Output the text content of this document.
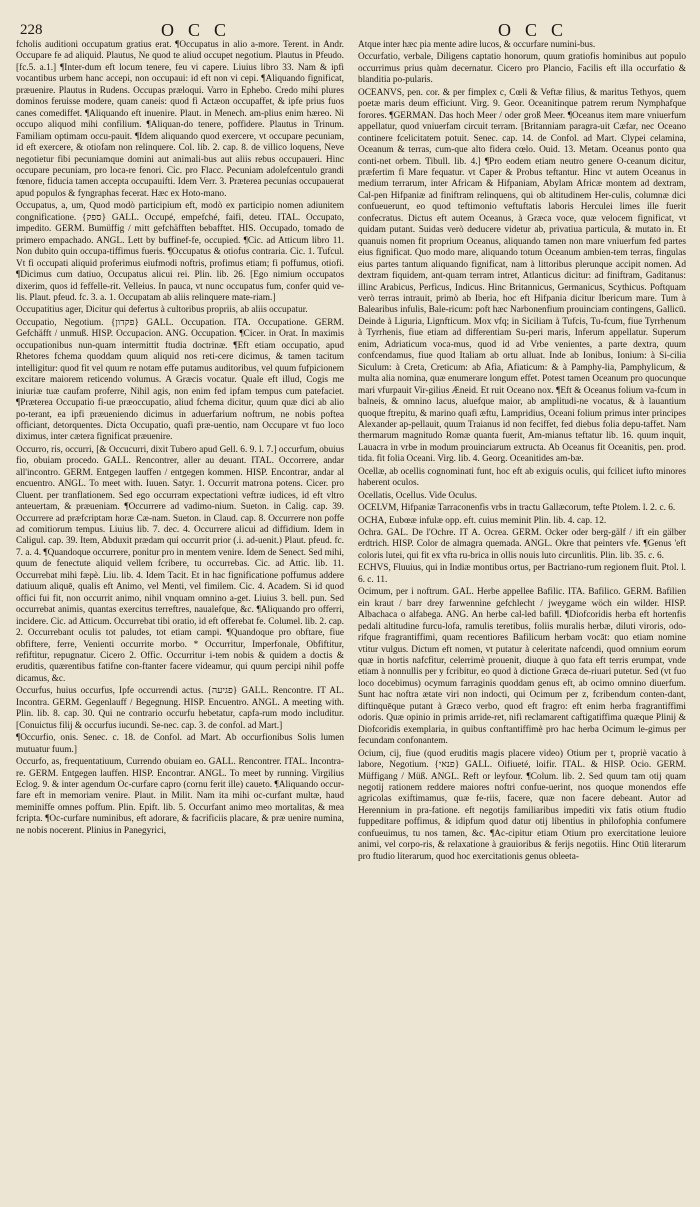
228	OCC	OCC

fcholis auditioni occupatum gratius erat. ¶Occupatus in alio a-more. Terent. in Andr. Occupare fe ad aliquid. Plautus, Ne quod te aliud occupet negotium. Plautus in Pfeudo. [fc.5. a.1.] ¶Inter-dum eft locum tenere, feu vi capere. Liuius libro 33. Nam & ipfi vocantibus urbem hanc accepi, non occupaui: id eft non vi cepi. ¶Aliquando fignificat, præuenire. Plautus in Rudens. Occupas præloqui. Varro in Ephebo. Credo mihi plures dominos feruisse modere, quam caneis: quod fi Actæon occupaffet, & ipfe prius fuos canes comediffet. ¶Aliquando eft inuenire. Plaut. in Menech. am-plius enim hæreo. Ni occupo aliquod mihi confilium. ¶Aliquan-do tenere, poffidere. Plautus in Trinum. Familiam optimam occu-pauit. ¶Idem aliquando quod exercere, vt occupare pecuniam, id eft exercere, & otiofam non relinquere. Col. lib. 2. cap. 8. de villico loquens, Neve negotietur fibi pecuniamque domini aut animali-bus aut aliis rebus occupaueri. Hinc occupare pecuniam, pro loca-re fenori. Cic. pro Flacc. Pecuniam adolefcentulo grandi fœnore, fiducia tamen accepta occupauifti. Idem Verr. 3. Præterea pecunias occupauerat apud populos & fyngraphas fecerat. Hæc ex Hoto-mano.

Occupatus, a, um, Quod modò participium eft, modò ex participio nomen adiunitem congnificatione. {ספק} GALL. Occupé, empefché, faifi, deteu. ITAL. Occupato, impedito. GERM. Bumüffig / mitt gefchäfften bebafftet. HIS. Occupado, tomado de primero empachado. ANGL. Lett by buffinef-fe, occupied. ¶Cic. ad Atticum libro 11. Non dubito quin occupa-tiffimus fueris. ¶Occupatus & otiofus contraria. Cic. 1. Tufcul. Vt fi occupati aliquid proferimus eiufmodi noftris, profimus etiam; fi poffumus, otiofi. ¶Dicimus cum datiuo, Occupatus alicui rei. Plin. lib. 26. [Ego nimium occupatos dixerim, quos id feffelle-rit. Velleius. In pauca, vt nunc occupatus fum, confer quid ve-lis. Plaut. pfeud. fc. 3. a. 1. Occupatam ab aliis relinquere mate-riam.]

Occupatitius ager, Dicitur qui defertus à cultoribus propriis, ab aliis occupatur.

Occupatio, Negotium. {פקדון} GALL. Occupation. ITA. Occupatione. GERM. Gefchäfft / unmuß. HISP. Occupacion. ANG. Occupation. ¶Cicer. in Orat. In maximis occupationibus nun-quam intermittit ftudia doctrinæ. ¶Eft etiam occupatio, apud Rhetores fchema quoddam quum aliquid nos reti-cere dicimus, & tamen tacitum intelligitur: quod fit vel quum re notam effe putamus auditoribus, vel quum fufpicionem excitare maiorem reticendo volumus. A Græcis vocatur. Quale eft illud, Cogis me iniuriæ tuæ caufam proferre, Nihil agis, non enim fed ipfam tempus cum patefaciet. ¶Præterea Occupatio fi-ue præoccupatio, aliud fchema dicitur, quum quæ dici ab alio po-terant, ea ipfi præueniendo dicimus in aduerfarium noftrum, ne nobis poftea officiant, detorquentes. Dicta Occupatio, quafi præ-uentio, nam Occupare vt fuo loco diximus, inter cætera fignificat præuenire.

Occurro, ris, occurri, [& Occucurri, dixit Tubero apud Gell. 6. 9. l. 7.] occurfum, obuius fio, obuiam procedo. GALL. Rencontrer, aller au deuant. ITAL. Occorrere, andar all'incontro. GERM. Entgegen lauffen / entgegen kommen. HISP. Encontrar, andar al encuentro. ANGL. To meet with. Iuuen. Satyr. 1. Occurrit matrona potens. Cicer. pro Cluent. per tranflationem. Sed ego occurram expectationi veftræ iudices, id eft vltro anteuertam, & præueniam. ¶Occurrere ad vadimo-nium. Sueton. in Calig. cap. 39. Occurrere ad præfcriptam horæ Cæ-nam. Sueton. in Claud. cap. 8. Occurrere non poffe ad comitiorum tempus. Liuius lib. 7. dec. 4. Occurrere alicui ad diffidium. Idem in Caligul. cap. 39. Item, Abduxit prædam qui occurrit prior (.i. ad-uenit.) Plaut. pfeud. fc. 7. a. 4. ¶Quandoque occurrere, ponitur pro in mentem venire. Idem de Senect. Sed mihi, quum de fenectute aliquid vellem fcribere, tu occurrebas. Cic. ad Attic. lib. 11. Occurrebat mihi fæpè. Liu. lib. 4. Idem Tacit. Et in hac fignificatione poffumus addere datiuum aliquē, qualis eft Animo, vel Menti, vel fimilem. Cic. 4. Academ. Si id quod offici fui fit, non occurrit animo, nihil vnquam omnino a-get. Liuius 3. bell. pun. Sed occurrebat animis, quantas exercitus terreftres, naualefque, &c. ¶Aliquando pro offerri, incidere. Cic. ad Atticum. Occurrebat tibi oratio, id eft offerebat fe. Columel. lib. 2. cap. 2. Occurrebant oculis tot paludes, tot etiam campi. ¶Quandoque pro obftare, fiue obfiftere, ferre, Venienti occurrite morbo. * Occurritur, Imperfonale, Obfiftitur, refiftitur, repugnatur. Cicero 2. Offic. Occurritur i-tem nobis & quidem a doctis & eruditis, quærentibus fatifne con-ftanter facere videamur, qui quum percipi nihil poffe dicamus, &c.

Occurfus, huius occurfus, Ipfe occurrendi actus. {פגיעה} GALL. Rencontre. IT AL. Incontra. GERM. Gegenlauff / Begegnung. HISP. Encuentro. ANGL. A meeting with. Plin. lib. 8. cap. 30. Qui ne contrario occurfu hebetatur, capfa-rum modo includitur. [Conuictus filij & occurfus iucundi. Se-nec. cap. 3. de confol. ad Mart.]

¶Occurfio, onis. Senec. c. 18. de Confol. ad Mart. Ab occurfionibus Solis lumen mutuatur fuum.]

Occurfo, as, frequentatiuum, Currendo obuiam eo. GALL. Rencontrer. ITAL. Incontra-re. GERM. Entgegen lauffen. HISP. Encontrar. ANGL. To meet by running. Virgilius Eclog. 9. & inter agendum Oc-curfare capro (cornu ferit ille) caueto. ¶Aliquando occur-fare eft in memoriam venire. Plaut. in Milit. Nam ita mihi oc-curfant multæ, haud meminiffe omnes poffum. Plin. Epift. lib. 5. Occurfant animo meo mortalitas, & mea fcripta. ¶Oc-curfare numinibus, eft adorare, & facrificiis placare, & præ uenire numina, ne nobis nocerent. Plinius in Panegyrici,

Atque inter hæc pia mente adire lucos, & occurfare numini-bus.

Occurfatio, verbale, Diligens captatio honorum, quum gratiofis hominibus aut populo occurrimus prius quàm decernatur. Cicero pro Plancio, Facilis eft illa occurfatio & blanditia po-pularis.

OCEANVS, pen. cor. & per fimplex c, Cœli & Veftæ filius, & maritus Tethyos, quem poetæ maris deum efficiunt. Virg. 9. Geor. Oceanitinque patrem rerum Nymphafque forores. ¶GERMAN. Das hoch Meer / oder groß Meer. ¶Oceanus item mare vniuerfum appellatur, quod vniuerfam circuit terram. [Britanniam paragra-uit Cæfar, nec Oceano continere fcelicitatem potuit. Senec. cap. 14. de Confol. ad Mart. Clypei celamina, Oceanum & terras, cum-que alto fidera cœlo. Ouid. 13. Metam. Oceanus ponto qua conti-net orbem. Tibull. lib. 4.] ¶Pro eodem etiam neutro genere O-ceanum dicitur, præfertim fi Mare fequatur. vt Caper & Probus teftantur. Hinc vt autem Oceanus in medium terrarum, inter Africam & Hifpaniam, Abylam Africæ montem ad dextram, Cal-pen Hifpaniæ ad finiftram relinquens, qui ob altitudinem Her-culis, columnæ dici confueuerunt, eo quod teftimonio veftuftatis laboris Herculei limes ille fuerit confecratus. Dictus eft autem Oceanus, à Græca voce, quæ velocem fignificat, vt quidam putant. Suidas verò deducere videtur ab, privatiua particula, & mutato in. Et quanuis nomen fit proprium Oceanus, aliquando tamen non mare vniuerfum fed partes eius fignificat. Quo modo mare, aliquando totum Oceanum ambien-tem terras, fingulas eius partes tantum aliquando fignificat, nam à littoribus plerunque accipit nomen. Ad dextram fiquidem, ant-quam terram intret, Atlanticus dicitur: ad finiftram, Gaditanus: illinc Arabicus, Perficus, Indicus. Hinc Britannicus, Germanicus, Scythicus. Poftquam verò terras intrauit, primò ab Iberia, hoc eft Hifpania dicitur Ibericum mare. Tum à Balearibus infulis, Bale-ricum: poft hæc Narbonenfium prouinciam contingens, Gallicū. Deinde à Liguria, Lignfticum. Mox vfq; in Siciliam à Tufcis, Tu-fcum, fiue Tyrrhenum à Tyrrhenis, fiue etiam ad differentiam Su-peri maris, Inferum appellatur. Superum enim, Adriaticum voca-mus, quod id ad Vrbe venientes, a parte dextra, quum confcendamus, fiue quod Italiam ab ortu alluat. Inde ab Ionibus, Ionium: à Si-cilia Siculum: à Creta, Creticum: ab Afia, Afiaticum: & à Pamphy-lia, Pamphylicum, & multa alia nomina, quæ enumerare longum effet. Potest tamen Oceanum pro quocunque mari vfurpauit Vir-gilius Æneid. Et ruit Oceano nox. ¶Eft & Oceanus folium va-fcum in balneis, & omnino lacus, aluefque maior, ab amplitudi-ne vocatus, & à lauantium quoque ftrepitu, & marino quafi æftu, Lampridius, Oceani folium primus inter principes Alexander ap-pellauit, quum Traianus id non feciffet, fed diebus folia depu-taffet. Nam thermarum magnitudo Romæ quanta fuerit, Am-mianus teftatur lib. 16. quum inquit, Lauacra in vrbe in modum prouinciarum extructa. Ab Oceanus fit Oceanitis, pen. prod. tida. fit folia Oceani. Virg. lib. 4. Georg. Oceanitides am-bæ.

Ocellæ, ab ocellis cognominati funt, hoc eft ab exiguis oculis, qui fcilicet iufto minores haberent oculos.

Ocellatis, Ocellus. Vide Oculus.

OCELVM, Hifpaniæ Tarraconenfis vrbs in tractu Gallæcorum, tefte Ptolem. l. 2. c. 6.

OCHA, Eubœæ infulæ opp. eft. cuius meminit Plin. lib. 4. cap. 12.

Ochra. GAL. De l'Ochre. IT A. Ocrea. GERM. Ocker oder berg-gälf / ift ein gälber erdtrich. HISP. Color de almagra quemada. ANGL. Okre that peinters vfe. ¶Genus 'eft coloris lutei, qui fit ex vfta ru-brica in ollis nouis luto circunlitis. Plin. lib. 35. c. 6.

ECHVS, Fluuius, qui in Indiæ montibus ortus, per Bactriano-rum regionem fluit. Ptol. l. 6. c. 11.

Ocimum, per i noftrum. GAL. Herbe appellee Bafilic. ITA. Bafilico. GERM. Bafilien ein kraut / barr drey farwennine gefchlecht / jweygame wöch ein wilder. HISP. Albachaca o alfabega. ANG. An herbe cal-led bafill. ¶Diofcoridis herba eft hortenfis pedali altitudine furcu-lofa, ramulis teretibus, foliis muralis herbæ, diluti viroris, odo-rifque fragrantiffimi, quam recentiores Bafilicum herbam vocāt: quo etiam nomine vtitur vulgus. Dictum eft nomen, vt putatur à celeritate nafcendi, quod omnium eorum quæ in hortis nafcfitur, celerrimè prouenit, diuque à quo fata eft terris erumpat, vnde etiam à nonnullis per y fcribitur, eo quod à dictione Græca de-riuari putetur. Sed (vt fuo loco docebimus) ocymum farraginis quoddam genus eft, ab ocimo omnino diuerfum. Sunt hac noftra ætate viri non indocti, qui Ocimum per z, fcribendum conten-dant, diftinquēque putant à Græco verbo, quod eft fragro: eft enim herba fragrantiffimi odoris. Quæ opinio in primis arride-ret, nifi reclamarent caftigatiffima quæque Plinij & Diofcoridis exemplaria, in quibus conftantiffimè pro hac herba Ocimum le-gimus per fecundam confonantem.

Ocium, cij, fiue (quod eruditis magis placere video) Otium per t, propriè vacatio à labore, Negotium. {פנאי} GALL. Oifiueté, loifir. ITAL. & HISP. Ocio. GERM. Müffigang / Müß. ANGL. Reft or leyfour. ¶Colum. lib. 2. Sed quum tam otij quam negotij rationem reddere maiores noftri confue-uerint, nos quoque monendos effe agricolas exiftimamus, quæ fe-riis, facere, quæ non facere debeant. Autor ad Herennium in pra-fatione. eft negotijs familiaribus impediti vix fatis otium ftudio fuppeditare poffimus, & idipfum quod datur otij libentius in philofophia confumere confueuimus, tu nos tamen, &c. ¶Ac-cipitur etiam Otium pro exercitatione leuiore animi, vel corpo-ris, & relaxatione à grauioribus & ferijs negotiis. Hinc Otiū literarum pro ftudio literarum, quod hoc exercitationis genus obleeta-
